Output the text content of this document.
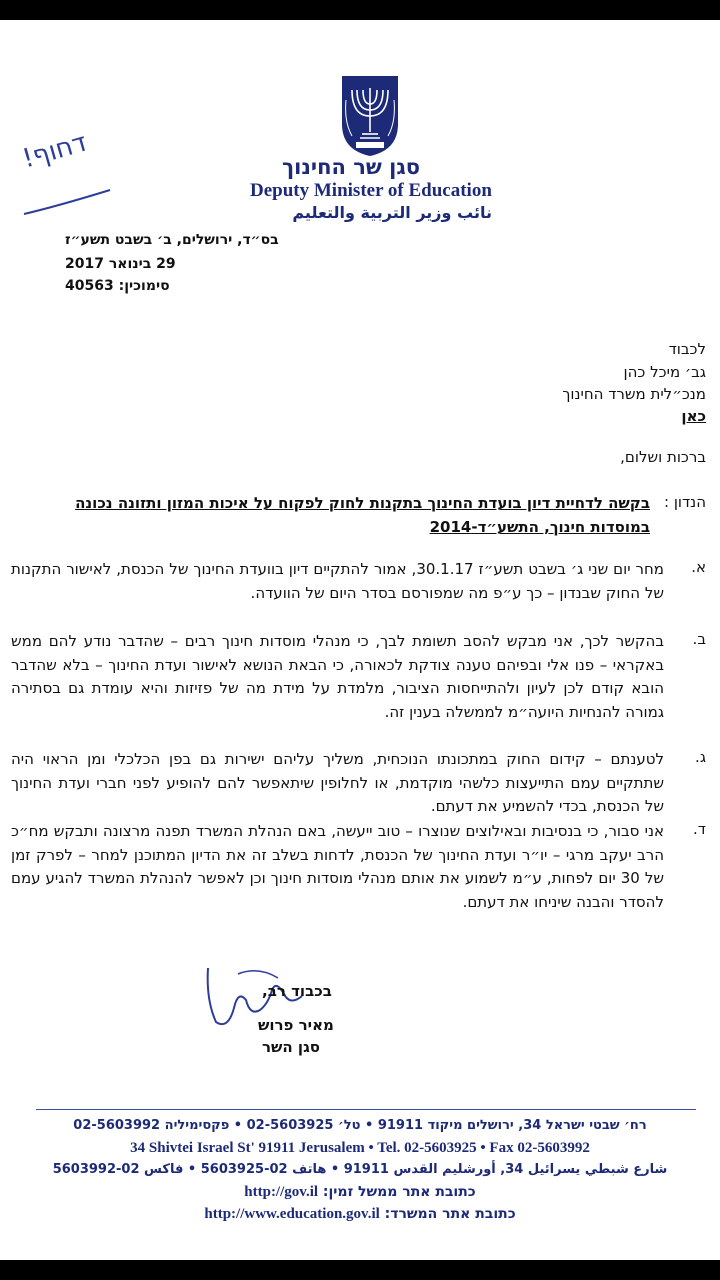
דחוף!	סגן שר החינוך
Deputy Minister of Education
نائب وزير التربية والتعليم
בס״ד, ירושלים, ב׳ בשבט תשע״ז
29 בינואר 2017
סימוכין: 40563
לכבוד
גב׳ מיכל כהן
מנכ״לית משרד החינוך
כאן
ברכות ושלום,
הנדון :
בקשה לדחיית דיון בועדת החינוך בתקנות לחוק לפקוח על איכות המזון ותזונה נכונה במוסדות חינוך, התשע״ד-2014
א.
מחר יום שני ג׳ בשבט תשע״ז 30.1.17, אמור להתקיים דיון בוועדת החינוך של הכנסת, לאישור התקנות של החוק שבנדון – כך ע״פ מה שמפורסם בסדר היום של הוועדה.
ב.
בהקשר לכך, אני מבקש להסב תשומת לבך, כי מנהלי מוסדות חינוך רבים – שהדבר נודע להם ממש באקראי – פנו אלי ובפיהם טענה צודקת לכאורה, כי הבאת הנושא לאישור ועדת החינוך – בלא שהדבר הובא קודם לכן לעיון ולהתייחסות הציבור, מלמדת על מידת מה של פזיזות והיא עומדת גם בסתירה גמורה להנחיות היועה״מ לממשלה בענין זה.
ג.
לטענתם – קידום החוק במתכונתו הנוכחית, משליך עליהם ישירות גם בפן הכלכלי ומן הראוי היה שתתקיים עמם התייעצות כלשהי מוקדמת, או לחלופין שיתאפשר להם להופיע לפני חברי ועדת החינוך של הכנסת, בכדי להשמיע את דעתם.
ד.
אני סבור, כי בנסיבות ובאילוצים שנוצרו – טוב ייעשה, באם הנהלת המשרד תפנה מרצונה ותבקש מח״כ הרב יעקב מרגי – יו״ר ועדת החינוך של הכנסת, לדחות בשלב זה את הדיון המתוכנן למחר – לפרק זמן של 30 יום לפחות, ע״מ לשמוע את אותם מנהלי מוסדות חינוך וכן לאפשר להנהלת המשרד להגיע עמם להסדר והבנה שיניחו את דעתם.
בכבוד רב,
מאיר פרוש
סגן השר
רח׳ שבטי ישראל 34, ירושלים מיקוד 91911 • טל׳ 02-5603925 • פקסימיליה 02-5603992
34 Shivtei Israel St' 91911 Jerusalem • Tel. 02-5603925 • Fax 02-5603992
شارع شبطي يسرائيل 34, أورشليم القدس 91911 • هاتف 02-5603925 • فاكس 02-5603992
כתובת אתר ממשל זמין: http://gov.il
כתובת אתר המשרד: http://www.education.gov.il
